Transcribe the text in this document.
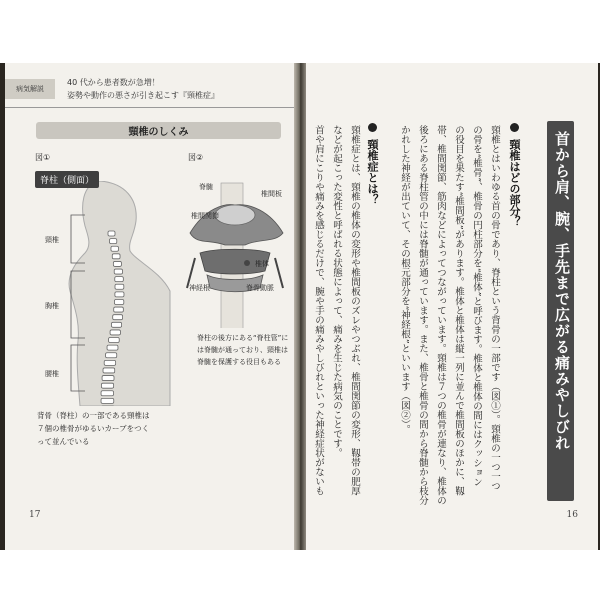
病気解説
40 代から患者数が急増！
姿勢や動作の悪さが引き起こす『頸椎症』
頸椎のしくみ
図①	図②
脊柱（側面）
頸椎
胸椎
腰椎
背骨（脊柱）の一部である頸椎は７個の椎骨がゆるいカーブをつくって並んでいる
脊髄
椎間板
椎間関節
椎体
神経根	脊骨動脈
脊柱の後方にある“脊柱管”には脊髄が通っており、頸椎は脊髄を保護する役目もある
17
首から肩、腕、手先まで広がる痛みやしびれ
頸椎はどの部分？
頸椎とはいわゆる首の骨であり、脊柱という背骨の一部です（図①）。頸椎の一つ一つ
の骨を“椎骨”、椎骨の円柱部分を“椎体”と呼びます。椎体と椎体の間にはクッション
の役目を果たす“椎間板”があります。椎体と椎体は縦一列に並んで椎間板のほかに、靱
帯、椎間関節、筋肉などによってつながっています。頸椎は７つの椎骨が連なり、椎体の
後ろにある脊柱管の中には脊髄が通っています。また、椎骨と椎骨の間から脊髄から枝分
かれした神経が出ていて、その根元部分を“神経根”といいます（図②）。
頸椎症とは？
頸椎症とは、頸椎の椎体の変形や椎間板のズレやつぶれ、椎間関節の変形、靱帯の肥厚
などが起こった変性と呼ばれる状態によって、痛みを生じた病気のことです。
首や肩にこりや痛みを感じるだけで、腕や手の痛みやしびれといった神経症状がないも
16
